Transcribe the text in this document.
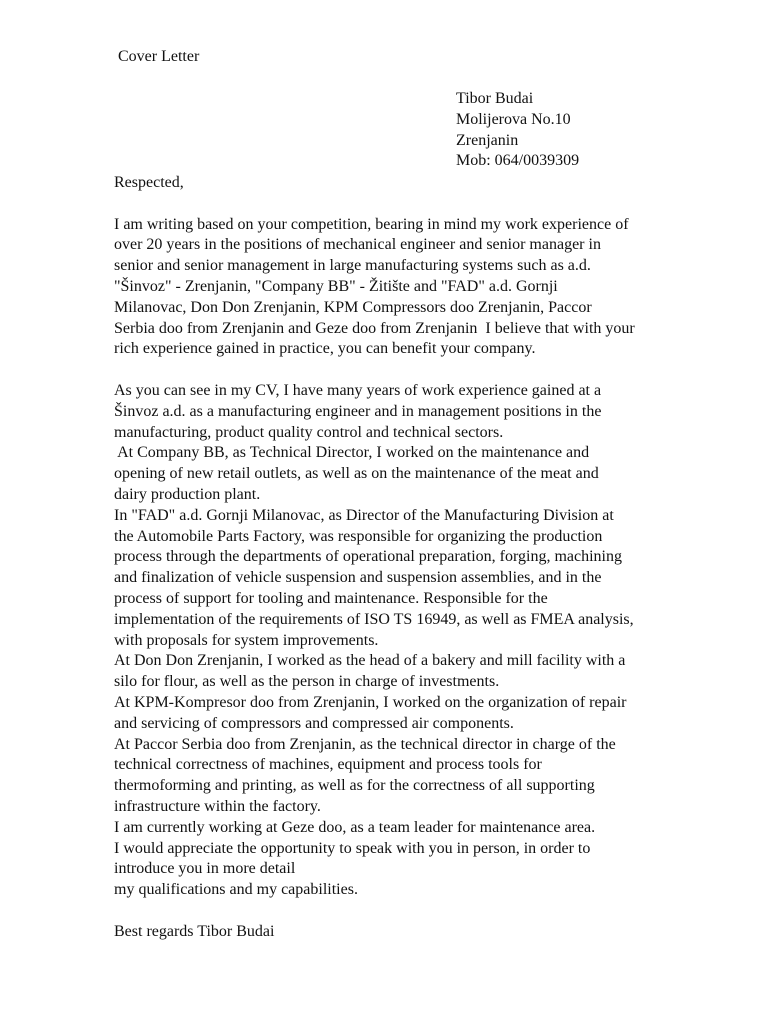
Cover Letter
Tibor Budai
Molijerova No.10
Zrenjanin
Mob: 064/0039309
Respected,
I am writing based on your competition, bearing in mind my work experience of
over 20 years in the positions of mechanical engineer and senior manager in
senior and senior management in large manufacturing systems such as a.d.
"Šinvoz" - Zrenjanin, "Company BB" - Žitište and "FAD" a.d. Gornji
Milanovac, Don Don Zrenjanin, KPM Compressors doo Zrenjanin, Paccor
Serbia doo from Zrenjanin and Geze doo from Zrenjanin  I believe that with your
rich experience gained in practice, you can benefit your company.
As you can see in my CV, I have many years of work experience gained at a
Šinvoz a.d. as a manufacturing engineer and in management positions in the
manufacturing, product quality control and technical sectors.
At Company BB, as Technical Director, I worked on the maintenance and
opening of new retail outlets, as well as on the maintenance of the meat and
dairy production plant.
In "FAD" a.d. Gornji Milanovac, as Director of the Manufacturing Division at
the Automobile Parts Factory, was responsible for organizing the production
process through the departments of operational preparation, forging, machining
and finalization of vehicle suspension and suspension assemblies, and in the
process of support for tooling and maintenance. Responsible for the
implementation of the requirements of ISO TS 16949, as well as FMEA analysis,
with proposals for system improvements.
At Don Don Zrenjanin, I worked as the head of a bakery and mill facility with a
silo for flour, as well as the person in charge of investments.
At KPM-Kompresor doo from Zrenjanin, I worked on the organization of repair
and servicing of compressors and compressed air components.
At Paccor Serbia doo from Zrenjanin, as the technical director in charge of the
technical correctness of machines, equipment and process tools for
thermoforming and printing, as well as for the correctness of all supporting
infrastructure within the factory.
I am currently working at Geze doo, as a team leader for maintenance area.
I would appreciate the opportunity to speak with you in person, in order to
introduce you in more detail
my qualifications and my capabilities.
Best regards Tibor Budai
